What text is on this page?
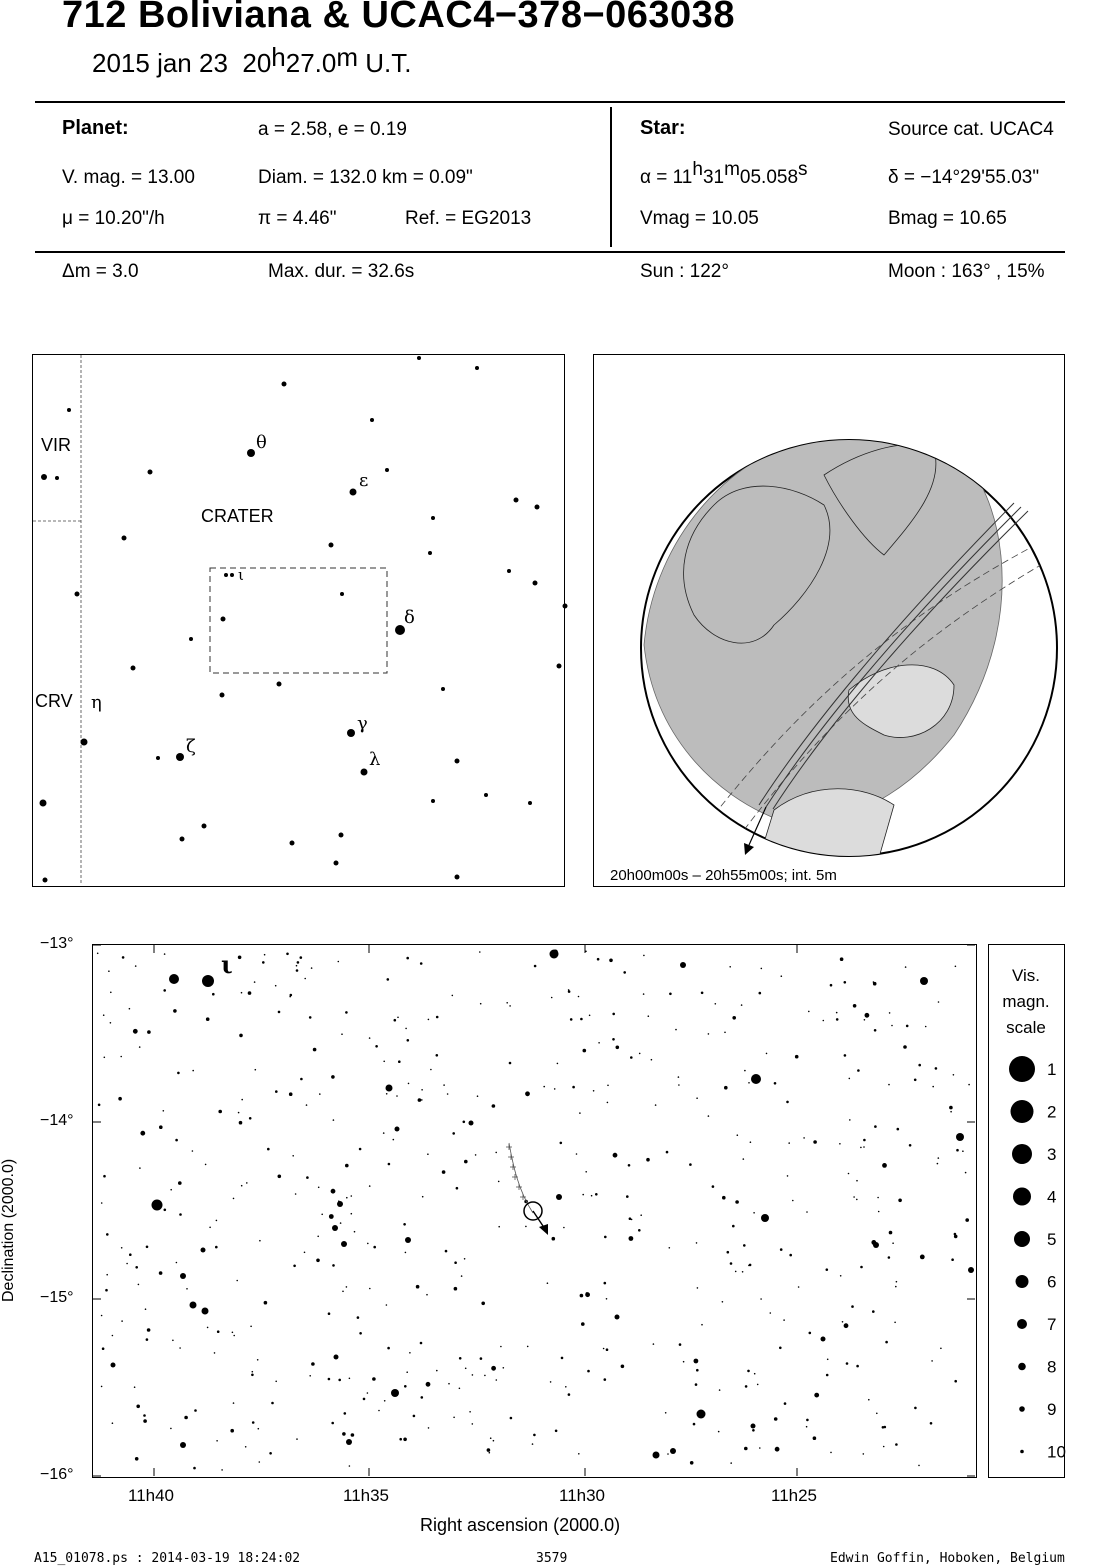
712 Boliviana & UCAC4−378−063038
2015 jan 23 20$^h$27.0$^m$ U.T.
Planet:	a = 2.58, e = 0.19
V. mag. = 13.00	Diam. = 132.0 km = 0.09"
μ = 10.20"/h	π = 4.46"	Ref. = EG2013
Star:	Source cat. UCAC4
$\alpha = 11^h31^m05.058^s$	δ = −14°29'55.03"
Vmag = 10.05	Bmag = 10.65
Δm = 3.0	Max. dur. = 32.6s	Sun : 122°	Moon : 163° , 15%
VIR
CRATER
CRV
θ
ε
ι
δ
η
γ
ζ
λ
20h00m00s – 20h55m00s; int. 5m
ι
11h40	11h35	11h30	11h25
−13°
−14°
−15°
−16°
Right ascension (2000.0)
Declination (2000.0)
Vis.
magn.
scale
1
2
3
4
5
6
7
8
9
10
A15_01078.ps : 2014-03-19 18:24:02	3579	Edwin Goffin, Hoboken, Belgium
